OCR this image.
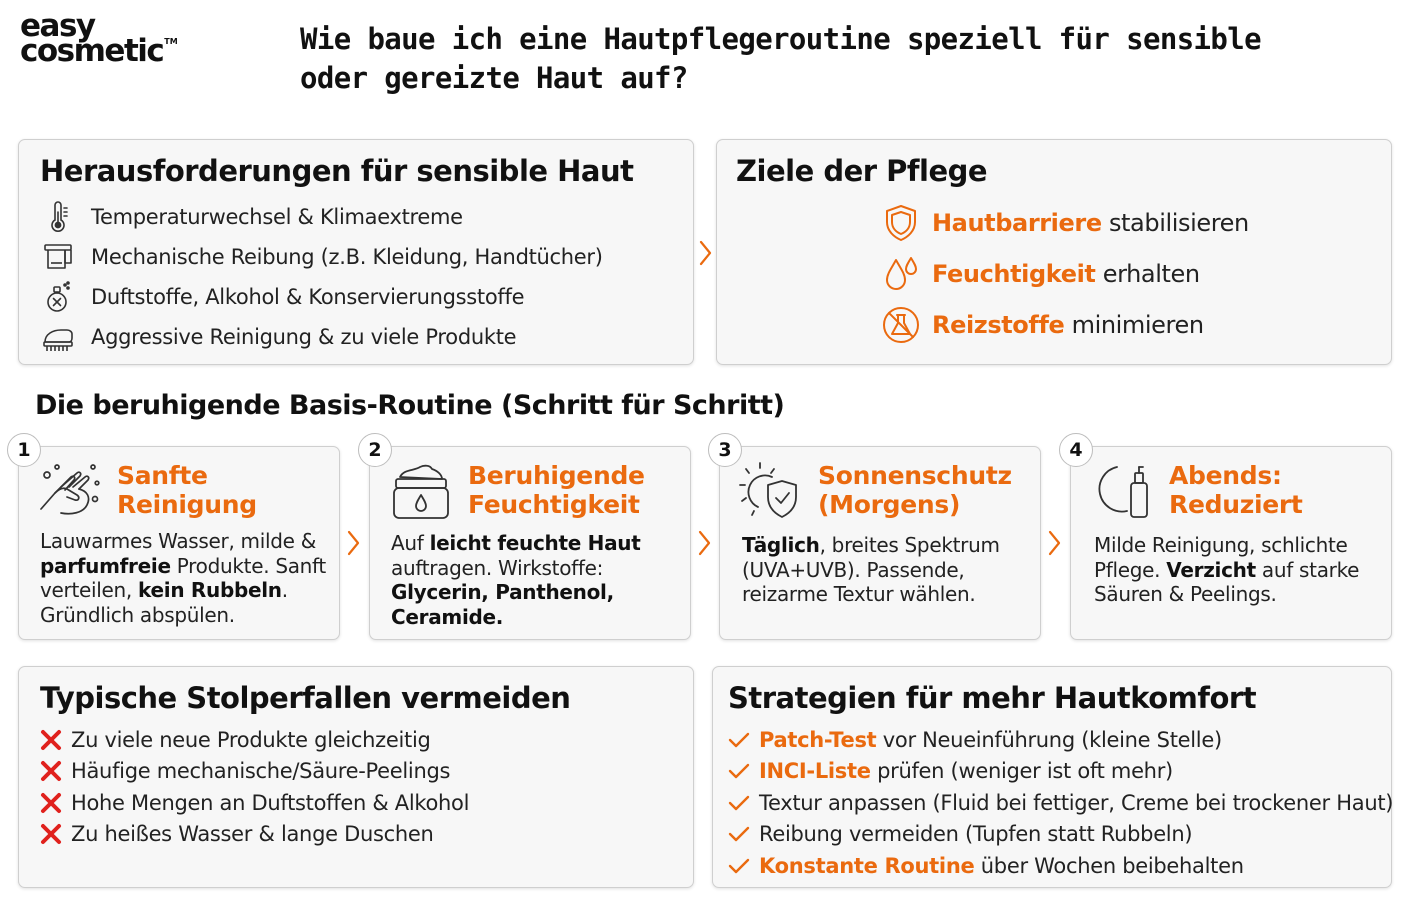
easy
cosmetic™	Wie baue ich eine Hautpflegeroutine speziell für sensible
oder gereizte Haut auf?
Herausforderungen für sensible Haut
Temperaturwechsel & Klimaextreme
Mechanische Reibung (z.B. Kleidung, Handtücher)
Duftstoffe, Alkohol & Konservierungsstoffe
Aggressive Reinigung & zu viele Produkte
Ziele der Pflege
Hautbarriere stabilisieren
Feuchtigkeit erhalten
Reizstoffe minimieren
Die beruhigende Basis-Routine (Schritt für Schritt)
Sanfte
Reinigung
Lauwarmes Wasser, milde &
parfumfreie Produkte. Sanft
verteilen, kein Rubbeln.
Gründlich abspülen.
1
Beruhigende
Feuchtigkeit
Auf leicht feuchte Haut
auftragen. Wirkstoffe:
Glycerin, Panthenol,
Ceramide.
2
Sonnenschutz
(Morgens)
Täglich, breites Spektrum
(UVA+UVB). Passende,
reizarme Textur wählen.
3
Abends:
Reduziert
Milde Reinigung, schlichte
Pflege. Verzicht auf starke
Säuren & Peelings.
4
Typische Stolperfallen vermeiden
Zu viele neue Produkte gleichzeitig
Häufige mechanische/Säure-Peelings
Hohe Mengen an Duftstoffen & Alkohol
Zu heißes Wasser & lange Duschen
Strategien für mehr Hautkomfort
Patch-Test vor Neueinführung (kleine Stelle)
INCI-Liste prüfen (weniger ist oft mehr)
Textur anpassen (Fluid bei fettiger, Creme bei trockener Haut)
Reibung vermeiden (Tupfen statt Rubbeln)
Konstante Routine über Wochen beibehalten
